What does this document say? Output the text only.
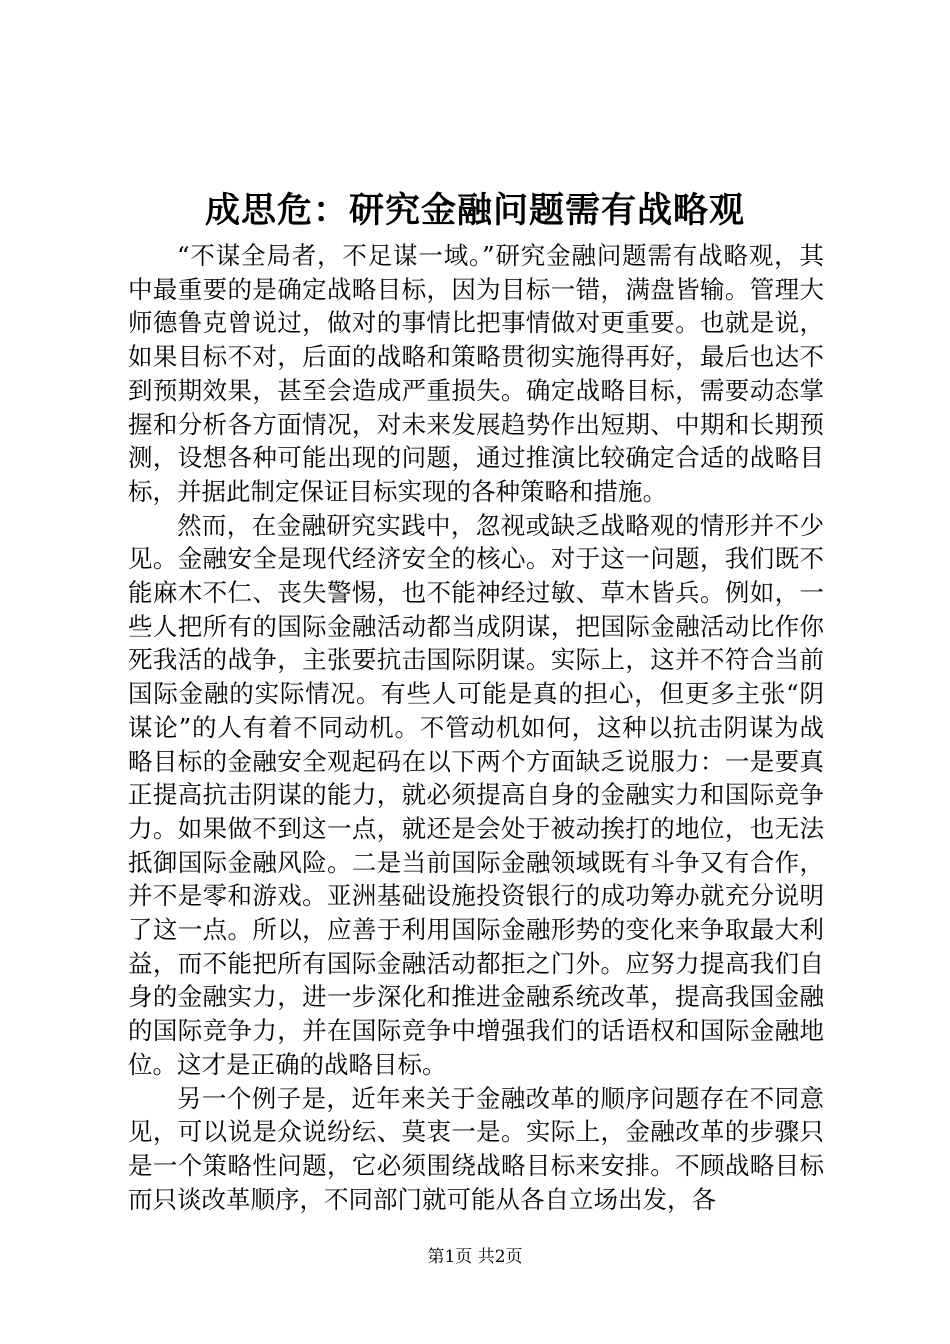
成思危：研究金融问题需有战略观

“不谋全局者，不足谋一域。”研究金融问题需有战略观，其中最重要的是确定战略目标，因为目标一错，满盘皆输。管理大师德鲁克曾说过，做对的事情比把事情做对更重要。也就是说，如果目标不对，后面的战略和策略贯彻实施得再好，最后也达不到预期效果，甚至会造成严重损失。确定战略目标，需要动态掌握和分析各方面情况，对未来发展趋势作出短期、中期和长期预测，设想各种可能出现的问题，通过推演比较确定合适的战略目标，并据此制定保证目标实现的各种策略和措施。

然而，在金融研究实践中，忽视或缺乏战略观的情形并不少见。金融安全是现代经济安全的核心。对于这一问题，我们既不能麻木不仁、丧失警惕，也不能神经过敏、草木皆兵。例如，一些人把所有的国际金融活动都当成阴谋，把国际金融活动比作你死我活的战争，主张要抗击国际阴谋。实际上，这并不符合当前国际金融的实际情况。有些人可能是真的担心，但更多主张“阴谋论”的人有着不同动机。不管动机如何，这种以抗击阴谋为战略目标的金融安全观起码在以下两个方面缺乏说服力：一是要真正提高抗击阴谋的能力，就必须提高自身的金融实力和国际竞争力。如果做不到这一点，就还是会处于被动挨打的地位，也无法抵御国际金融风险。二是当前国际金融领域既有斗争又有合作，并不是零和游戏。亚洲基础设施投资银行的成功筹办就充分说明了这一点。所以，应善于利用国际金融形势的变化来争取最大利益，而不能把所有国际金融活动都拒之门外。应努力提高我们自身的金融实力，进一步深化和推进金融系统改革，提高我国金融的国际竞争力，并在国际竞争中增强我们的话语权和国际金融地位。这才是正确的战略目标。

另一个例子是，近年来关于金融改革的顺序问题存在不同意见，可以说是众说纷纭、莫衷一是。实际上，金融改革的步骤只是一个策略性问题，它必须围绕战略目标来安排。不顾战略目标而只谈改革顺序，不同部门就可能从各自立场出发，各

第1页 共2页
